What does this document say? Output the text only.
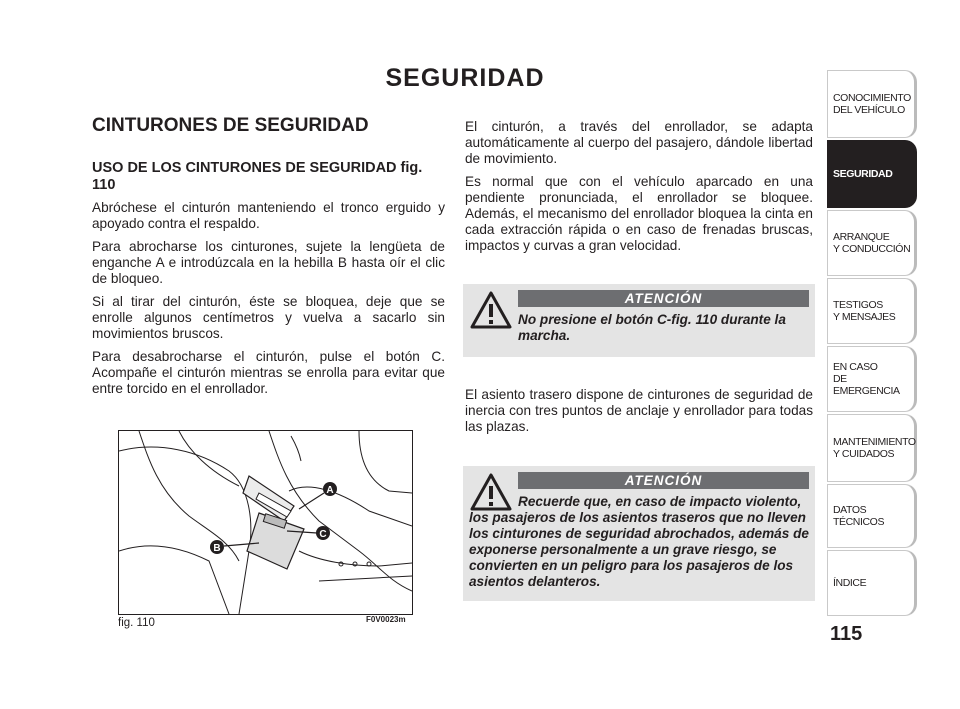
SEGURIDAD
CINTURONES DE SEGURIDAD
USO DE LOS CINTURONES DE SEGURIDAD fig. 110

Abróchese el cinturón manteniendo el tronco erguido y apoyado contra el respaldo.

Para abrocharse los cinturones, sujete la lengüeta de enganche A e introdúzcala en la hebilla B hasta oír el clic de bloqueo.

Si al tirar del cinturón, éste se bloquea, deje que se enrolle algunos centímetros y vuelva a sacarlo sin movimientos bruscos.

Para desabrocharse el cinturón, pulse el botón C. Acompañe el cinturón mientras se enrolla para evitar que entre torcido en el enrollador.

El cinturón, a través del enrollador, se adapta automáticamente al cuerpo del pasajero, dándole libertad de movimiento.

Es normal que con el vehículo aparcado en una pendiente pronunciada, el enrollador se bloquee. Además, el mecanismo del enrollador bloquea la cinta en cada extracción rápida o en caso de frenadas bruscas, impactos y curvas a gran velocidad.

ATENCIÓN
No presione el botón C-fig. 110 durante la marcha.

El asiento trasero dispone de cinturones de seguridad de inercia con tres puntos de anclaje y enrollador para todas las plazas.

ATENCIÓN
Recuerde que, en caso de impacto violento, los pasajeros de los asientos traseros que no lleven los cinturones de seguridad abrochados, además de exponerse personalmente a un grave riesgo, se convierten en un peligro para los pasajeros de los asientos delanteros.
A
C
B
fig. 110	F0V0023m
115
CONOCIMIENTO
DEL VEHÍCULO
SEGURIDAD
ARRANQUE
Y CONDUCCIÓN
TESTIGOS
Y MENSAJES
EN CASO
DE EMERGENCIA
MANTENIMIENTO
Y CUIDADOS
DATOS TÉCNICOS
ÍNDICE
